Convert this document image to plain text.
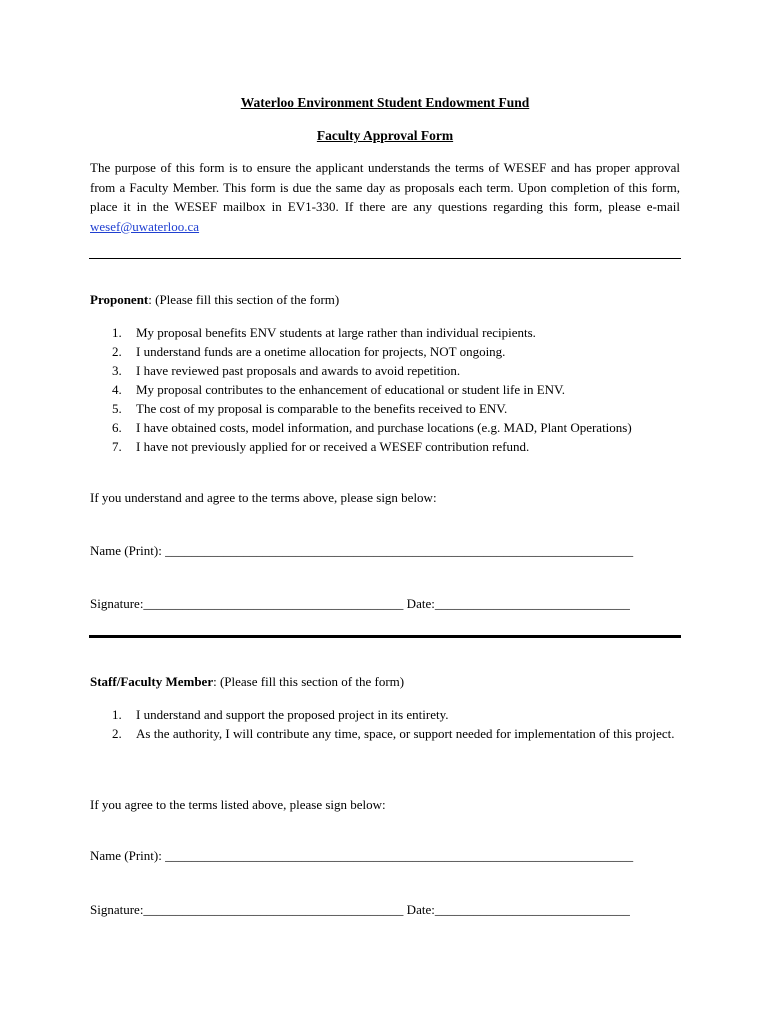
Waterloo Environment Student Endowment Fund
Faculty Approval Form
The purpose of this form is to ensure the applicant understands the terms of WESEF and has proper approval from a Faculty Member. This form is due the same day as proposals each term. Upon completion of this form, place it in the WESEF mailbox in EV1-330. If there are any questions regarding this form, please e-mail wesef@uwaterloo.ca
Proponent: (Please fill this section of the form)
1.	My proposal benefits ENV students at large rather than individual recipients.
2.	I understand funds are a onetime allocation for projects, NOT ongoing.
3.	I have reviewed past proposals and awards to avoid repetition.
4.	My proposal contributes to the enhancement of educational or student life in ENV.
5.	The cost of my proposal is comparable to the benefits received to ENV.
6.	I have obtained costs, model information, and purchase locations (e.g. MAD, Plant Operations)
7.	I have not previously applied for or received a WESEF contribution refund.
If you understand and agree to the terms above, please sign below:
Name (Print): ________________________________________________________________________
Signature:________________________________________ Date:______________________________
Staff/Faculty Member: (Please fill this section of the form)
1.	I understand and support the proposed project in its entirety.
2.	As the authority, I will contribute any time, space, or support needed for implementation of this project.
If you agree to the terms listed above, please sign below:
Name (Print): ________________________________________________________________________
Signature:________________________________________ Date:______________________________
